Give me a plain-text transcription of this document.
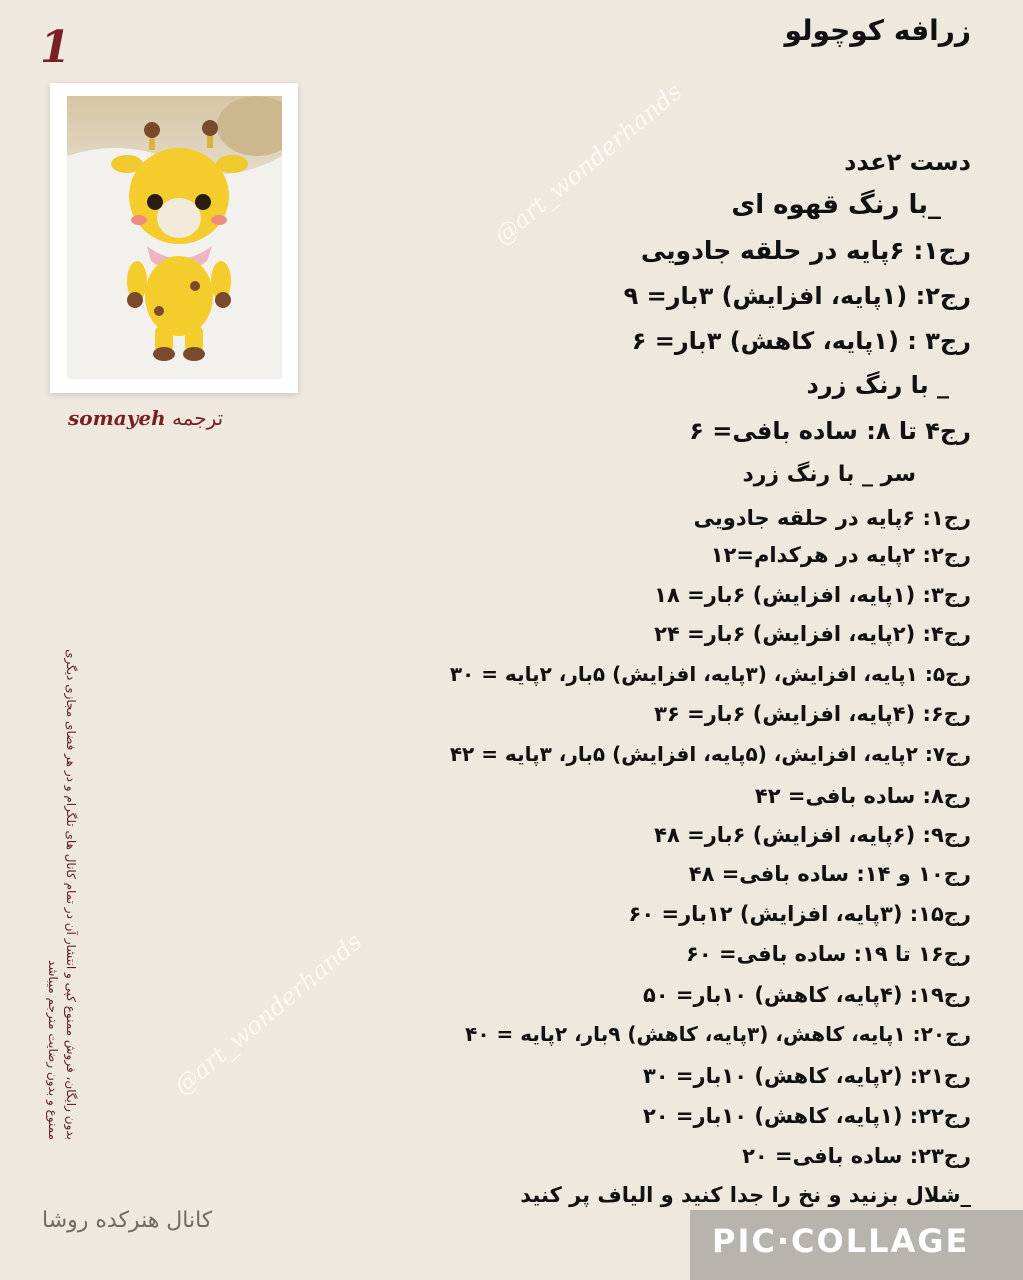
1	زرافه کوچولو
ترجمه somayeh
بدون رایگان، فروش ممنوع کپی و انتشار آن در تمام کانال های تلگرام و در هر فضای مجازی دیگری
ممنوع و بدون رضایت مترجم میباشد
کانال هنرکده روشا
@art_wonderhands
@art_wonderhands
دست ۲عدد
_با رنگ قهوه ای
رج۱: ۶پایه در حلقه جادویی
رج۲: (۱پایه، افزایش) ۳بار= ۹
رج۳ : (۱پایه، کاهش) ۳بار= ۶
_ با رنگ زرد
رج۴ تا ۸: ساده بافی= ۶
سر _ با رنگ زرد
رج۱: ۶پایه در حلقه جادویی
رج۲: ۲پایه در هرکدام=۱۲
رج۳: (۱پایه، افزایش) ۶بار= ۱۸
رج۴: (۲پایه، افزایش) ۶بار= ۲۴
رج۵: ۱پایه، افزایش، (۳پایه، افزایش) ۵بار، ۲پایه = ۳۰
رج۶: (۴پایه، افزایش) ۶بار= ۳۶
رج۷: ۲پایه، افزایش، (۵پایه، افزایش) ۵بار، ۳پایه = ۴۲
رج۸: ساده بافی= ۴۲
رج۹: (۶پایه، افزایش) ۶بار= ۴۸
رج۱۰ و ۱۴: ساده بافی= ۴۸
رج۱۵: (۳پایه، افزایش) ۱۲بار= ۶۰
رج۱۶ تا ۱۹: ساده بافی= ۶۰
رج۱۹: (۴پایه، کاهش) ۱۰بار= ۵۰
رج۲۰: ۱پایه، کاهش، (۳پایه، کاهش) ۹بار، ۲پایه = ۴۰
رج۲۱: (۲پایه، کاهش) ۱۰بار= ۳۰
رج۲۲: (۱پایه، کاهش) ۱۰بار= ۲۰
رج۲۳: ساده بافی= ۲۰
_شلال بزنید و نخ را جدا کنید و الیاف پر کنید
PIC·COLLAGE
